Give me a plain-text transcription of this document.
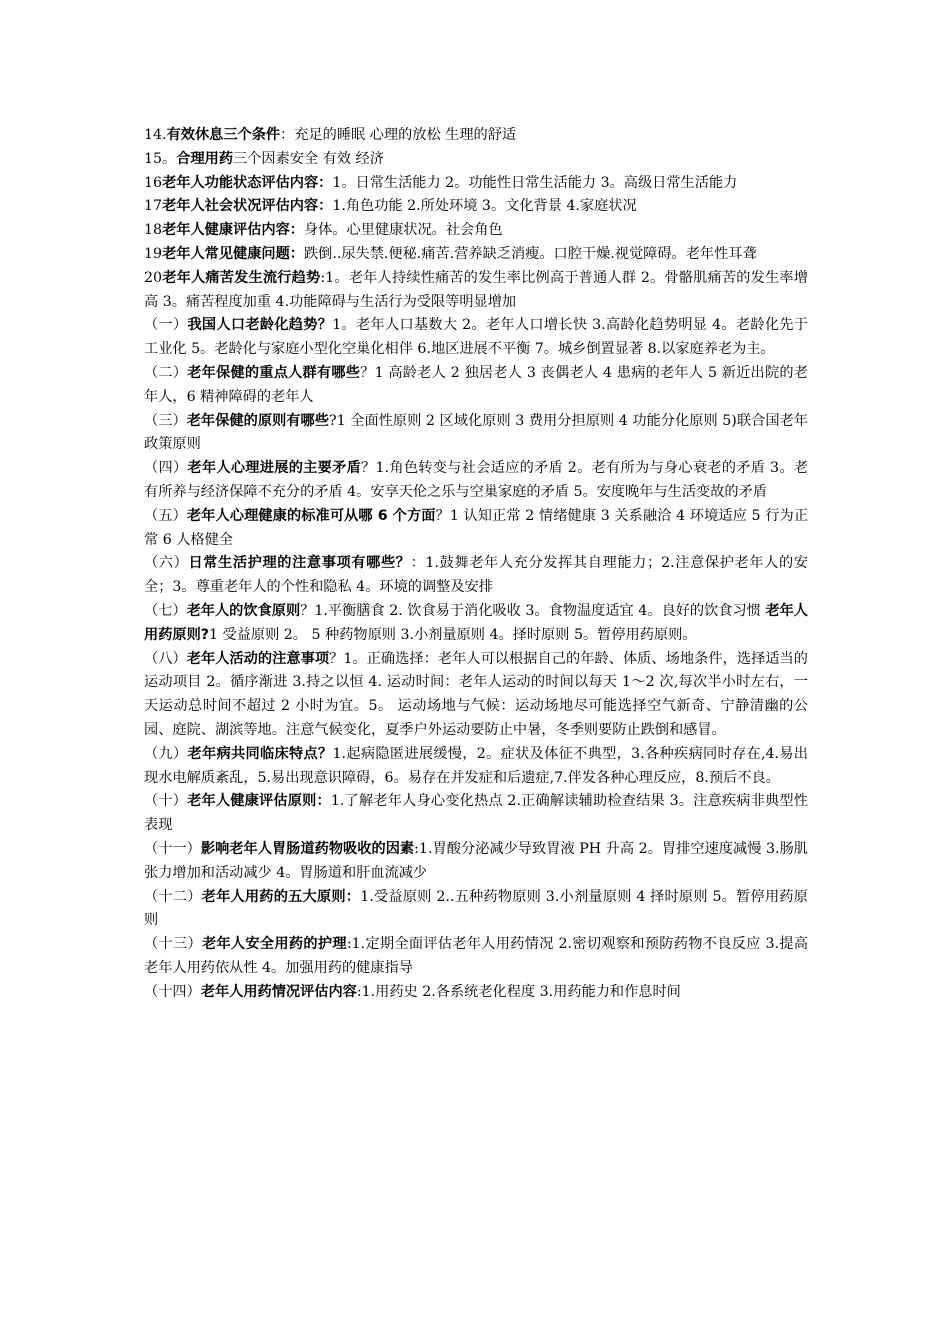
14.有效休息三个条件：充足的睡眠 心理的放松 生理的舒适

15。合理用药三个因素安全 有效 经济

16老年人功能状态评估内容：1。日常生活能力 2。功能性日常生活能力 3。高级日常生活能力

17老年人社会状况评估内容：1.角色功能 2.所处环境 3。文化背景 4.家庭状况

18老年人健康评估内容：身体。心里健康状况。社会角色

19老年人常见健康问题：跌倒..尿失禁.便秘.痛苦.营养缺乏消瘦。口腔干燥.视觉障碍。老年性耳聋

20老年人痛苦发生流行趋势:1。老年人持续性痛苦的发生率比例高于普通人群 2。骨骼肌痛苦的发生率增高 3。痛苦程度加重 4.功能障碍与生活行为受限等明显增加

（一）我国人口老龄化趋势？1。老年人口基数大 2。老年人口增长快 3.高龄化趋势明显 4。老龄化先于工业化 5。老龄化与家庭小型化空巢化相伴 6.地区进展不平衡 7。城乡倒置显著 8.以家庭养老为主。

（二）老年保健的重点人群有哪些？1 高龄老人 2 独居老人 3 丧偶老人 4 患病的老年人 5 新近出院的老年人，6 精神障碍的老年人

（三）老年保健的原则有哪些?1 全面性原则 2 区域化原则 3 费用分担原则 4 功能分化原则 5)联合国老年政策原则

（四）老年人心理进展的主要矛盾？1.角色转变与社会适应的矛盾 2。老有所为与身心衰老的矛盾 3。老有所养与经济保障不充分的矛盾 4。安享天伦之乐与空巢家庭的矛盾 5。安度晚年与生活变故的矛盾

（五）老年人心理健康的标准可从哪 6 个方面？1 认知正常 2 情绪健康 3 关系融洽 4 环境适应 5 行为正常 6 人格健全

（六）日常生活护理的注意事项有哪些？：1.鼓舞老年人充分发挥其自理能力；2.注意保护老年人的安全；3。尊重老年人的个性和隐私 4。环境的调整及安排

（七）老年人的饮食原则？1.平衡膳食 2. 饮食易于消化吸收 3。食物温度适宜 4。良好的饮食习惯 老年人用药原则?1 受益原则 2。 5 种药物原则 3.小剂量原则 4。择时原则 5。暂停用药原则。

（八）老年人活动的注意事项？1。正确选择：老年人可以根据自己的年龄、体质、场地条件，选择适当的运动项目 2。循序渐进 3.持之以恒 4. 运动时间：老年人运动的时间以每天 1～2 次,每次半小时左右，一天运动总时间不超过 2 小时为宜。5。 运动场地与气候：运动场地尽可能选择空气新奇、宁静清幽的公园、庭院、湖滨等地。注意气候变化，夏季户外运动要防止中暑，冬季则要防止跌倒和感冒。

（九）老年病共同临床特点？1.起病隐匿进展缓慢，2。症状及体征不典型，3.各种疾病同时存在,4.易出现水电解质紊乱，5.易出现意识障碍，6。易存在并发症和后遗症,7.伴发各种心理反应，8.预后不良。

（十）老年人健康评估原则：1.了解老年人身心变化热点 2.正确解读辅助检查结果 3。注意疾病非典型性表现

（十一）影响老年人胃肠道药物吸收的因素:1.胃酸分泌减少导致胃液 PH 升高 2。胃排空速度减慢 3.肠肌张力增加和活动减少 4。胃肠道和肝血流减少

（十二）老年人用药的五大原则：1.受益原则 2..五种药物原则 3.小剂量原则 4 择时原则 5。暂停用药原则

（十三）老年人安全用药的护理:1.定期全面评估老年人用药情况 2.密切观察和预防药物不良反应 3.提高老年人用药依从性 4。加强用药的健康指导

（十四）老年人用药情况评估内容:1.用药史 2.各系统老化程度 3.用药能力和作息时间
